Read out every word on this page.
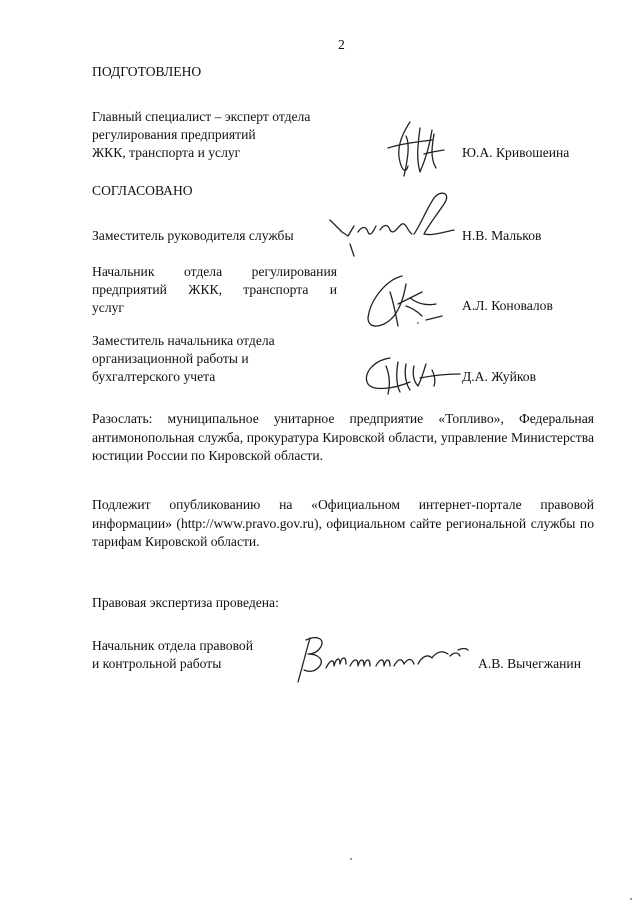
2
ПОДГОТОВЛЕНО
Главный специалист – эксперт отдела
регулирования предприятий
ЖКК, транспорта и услуг	Ю.А. Кривошеина
СОГЛАСОВАНО
Заместитель руководителя службы	Н.В. Мальков
Начальник отдела регулирования
предприятий ЖКК, транспорта и
услуг	А.Л. Коновалов
Заместитель начальника отдела
организационной работы и
бухгалтерского учета	Д.А. Жуйков
Разослать: муниципальное унитарное предприятие «Топливо», Федеральная антимонопольная служба, прокуратура Кировской области, управление Министерства юстиции России по Кировской области.
Подлежит опубликованию на «Официальном интернет-портале правовой информации» (http://www.pravo.gov.ru), официальном сайте региональной службы по тарифам Кировской области.
Правовая экспертиза проведена:
Начальник отдела правовой
и контрольной работы	А.В. Вычегжанин
